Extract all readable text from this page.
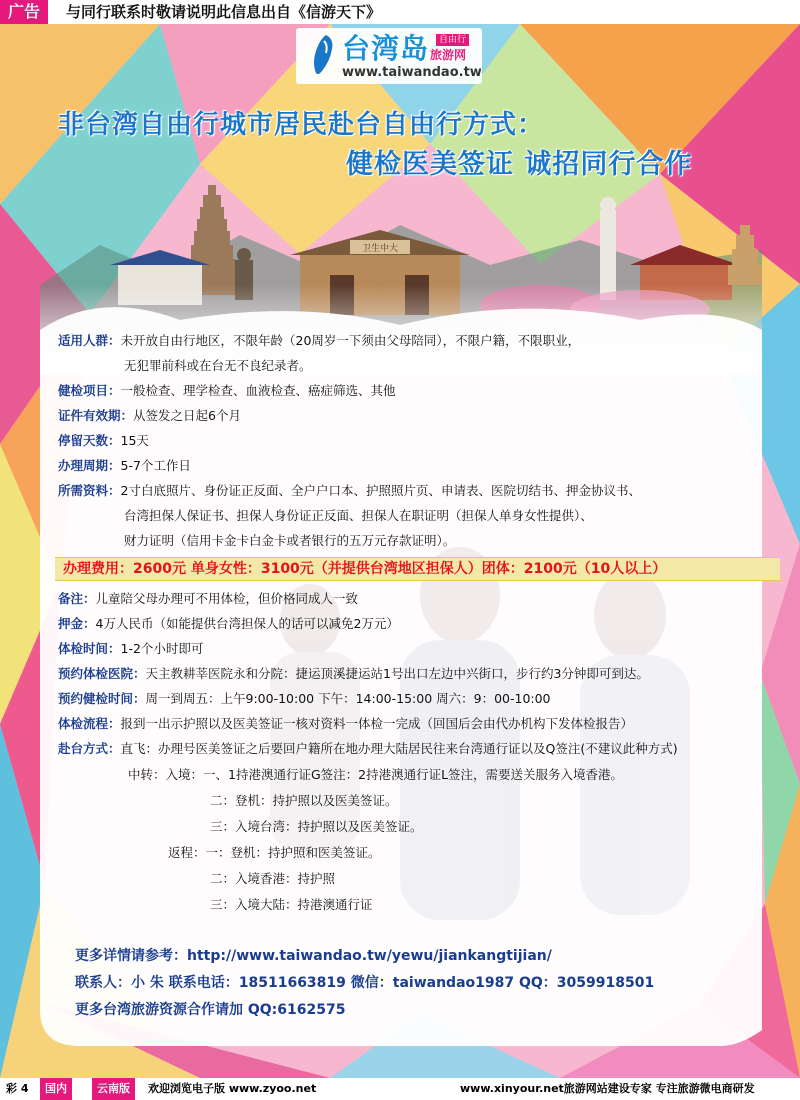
卫生中大
广告	与同行联系时敬请说明此信息出自《信游天下》
台湾岛	自由行
旅游网
www.taiwandao.tw
非台湾自由行城市居民赴台自由行方式：
健检医美签证 诚招同行合作
适用人群：未开放自由行地区，不限年龄（20周岁一下须由父母陪同），不限户籍，不限职业，
无犯罪前科或在台无不良纪录者。
健检项目：一般检查、理学检查、血液检查、癌症筛选、其他
证件有效期：从签发之日起6个月
停留天数：15天
办理周期：5-7个工作日
所需资料：2寸白底照片、身份证正反面、全户户口本、护照照片页、申请表、医院切结书、押金协议书、
台湾担保人保证书、担保人身份证正反面、担保人在职证明（担保人单身女性提供）、
财力证明（信用卡金卡白金卡或者银行的五万元存款证明）。
办理费用：2600元 单身女性：3100元（并提供台湾地区担保人）团体：2100元（10人以上）
备注：儿童陪父母办理可不用体检，但价格同成人一致
押金：4万人民币（如能提供台湾担保人的话可以减免2万元）
体检时间：1-2个小时即可
预约体检医院：天主教耕莘医院永和分院：捷运顶溪捷运站1号出口左边中兴街口，步行约3分钟即可到达。
预约健检时间：周一到周五：上午9:00-10:00 下午：14:00-15:00 周六：9：00-10:00
体检流程：报到一出示护照以及医美签证一核对资料一体检一完成（回国后会由代办机构下发体检报告）
赴台方式：直飞：办理号医美签证之后要回户籍所在地办理大陆居民往来台湾通行证以及Q签注(不建议此种方式)
中转：入境：一、1持港澳通行证G签注：2持港澳通行证L签注，需要送关服务入境香港。
二：登机：持护照以及医美签证。
三：入境台湾：持护照以及医美签证。
返程：一：登机：持护照和医美签证。
二：入境香港：持护照
三：入境大陆：持港澳通行证
更多详情请参考：http://www.taiwandao.tw/yewu/jiankangtijian/
联系人：小 朱 联系电话：18511663819 微信：taiwandao1987 QQ：3059918501
更多台湾旅游资源合作请加 QQ:6162575
彩 4	国内	云南版	欢迎浏览电子版 www.zyoo.net	www.xinyour.net旅游网站建设专家 专注旅游微电商研发
